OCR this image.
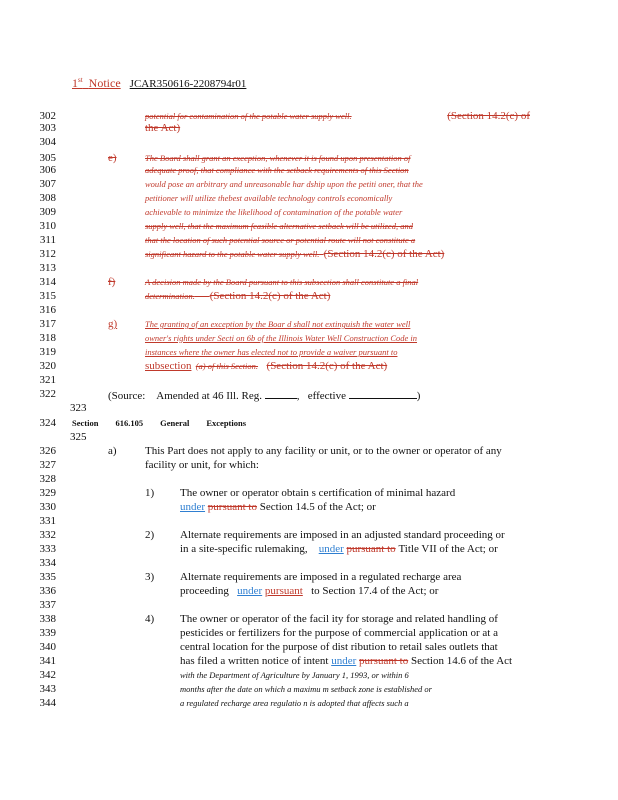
1st Notice JCAR350616-2208794r01
302
303
304
305
306
307
308
309
310
311
312
313
314
315
316
317
318
319
320
321
322
323
324
325
326
327
328
329
330
331
332
333
334
335
336
337
338
339
340
341
342
343
344
potential for contamination of the potable water supply well.	(Section 14.2(c) of
the Act)
e)	The Board shall grant an exception, whenever it is found upon presentation of
adequate proof, that compliance with the setback requirements of this Section
would pose an arbitrary and unreasonable har dship upon the petiti oner, that the
petitioner will utilize thebest available technology controls economically
achievable to minimize the likelihood of contamination of the potable water
supply well, that the maximum feasible alternative setback will be utilized, and
that the location of such potential source or potential route will not constitute a
significant hazard to the potable water supply well. (Section 14.2(c) of the Act)
f)	A decision made by the Board pursuant to this subsection shall constitute a final
determination. (Section 14.2(c) of the Act)
g)	The granting of an exception by the Boar d shall not extinguish the water well
owner's rights under Secti on 6b of the Illinois Water Well Construction Code in
instances where the owner has elected not to provide a waiver pursuant to
subsection (a) of this Section. (Section 14.2(c) of the Act)
(Source: Amended at 46 Ill. Reg.	,   effective	)
Section 616.105 General Exceptions
a)	This Part does not apply to any facility or unit, or to the owner or operator of any
facility or unit, for which:
1) The owner or operator obtain s certification of minimal hazard
under pursuant to Section 14.5 of the Act; or
2) Alternate requirements are imposed in an adjusted standard proceeding or
in a site-specific rulemaking, under pursuant to Title VII of the Act; or
3) Alternate requirements are imposed in a regulated recharge area
proceeding under pursuant to Section 17.4 of the Act; or
4) The owner or operator of the facil ity for storage and related handling of
pesticides or fertilizers for the purpose of commercial application or at a
central location for the purpose of dist ribution to retail sales outlets that
has filed a written notice of intent under pursuant to Section 14.6 of the Act
with the Department of Agriculture by January 1, 1993, or within 6
months after the date on which a maximu m setback zone is established or
a regulated recharge area regulatio n is adopted that affects such a
